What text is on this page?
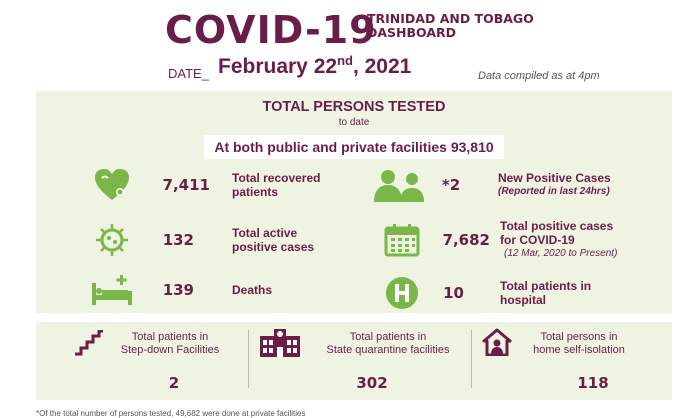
COVID-19
TRINIDAD AND TOBAGO
DASHBOARD
DATE_ February 22nd, 2021	Data compiled as at 4pm
TOTAL PERSONS TESTED
to date
At both public and private facilities 93,810
7,411 Total recovered
patients
132	Total active
positive cases
139	Deaths
*2	New Positive Cases
(Reported in last 24hrs)
7,682
Total positive cases
for COVID-19
(12 Mar, 2020 to Present)
10	Total patients in
hospital
Total patients in
Step-down Facilities
2
Total patients in
State quarantine facilities
302
Total persons in
home self-isolation
118
*Of the total number of persons tested, 49,682 were done at private facilities
